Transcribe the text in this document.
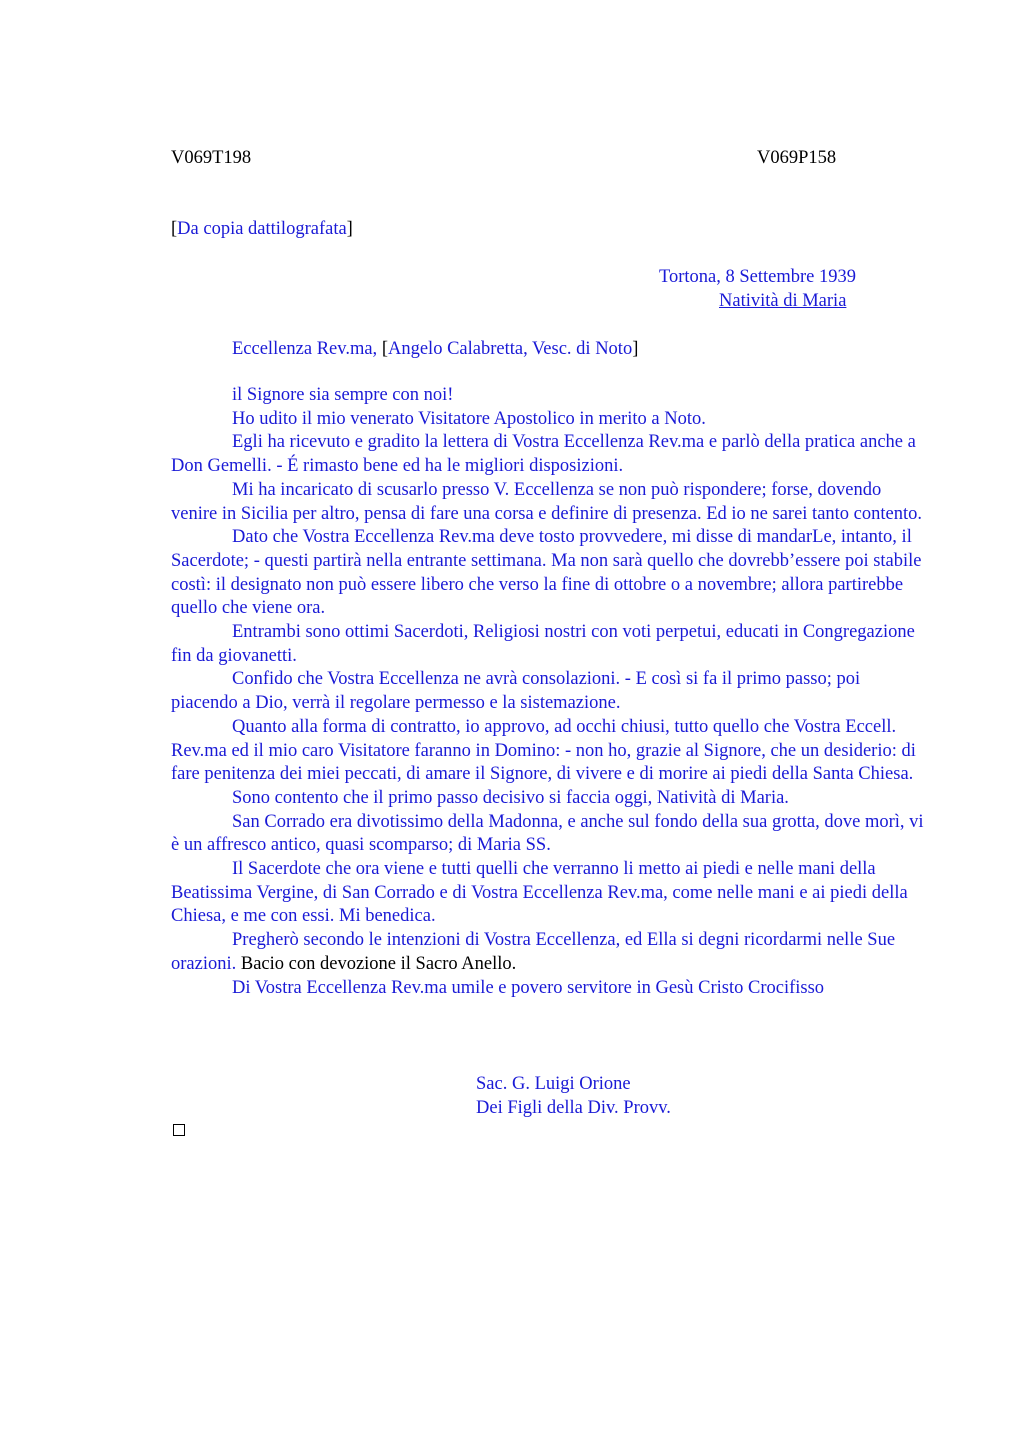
V069T198	V069P158
[Da copia dattilografata]
Tortona, 8 Settembre 1939
Natività di Maria
Eccellenza Rev.ma, [Angelo Calabretta, Vesc. di Noto]

il Signore sia sempre con noi!

Ho udito il mio venerato Visitatore Apostolico in merito a Noto.

Egli ha ricevuto e gradito la lettera di Vostra Eccellenza Rev.ma e parlò della pratica anche a Don Gemelli. - É rimasto bene ed ha le migliori disposizioni.

Mi ha incaricato di scusarlo presso V. Eccellenza se non può rispondere; forse, dovendo venire in Sicilia per altro, pensa di fare una corsa e definire di presenza. Ed io ne sarei tanto contento.

Dato che Vostra Eccellenza Rev.ma deve tosto provvedere, mi disse di mandarLe, intanto, il Sacerdote; - questi partirà nella entrante settimana. Ma non sarà quello che dovrebb’essere poi stabile costì: il designato non può essere libero che verso la fine di ottobre o a novembre; allora partirebbe quello che viene ora.

Entrambi sono ottimi Sacerdoti, Religiosi nostri con voti perpetui, educati in Congregazione fin da giovanetti.

Confido che Vostra Eccellenza ne avrà consolazioni. - E così si fa il primo passo; poi piacendo a Dio, verrà il regolare permesso e la sistemazione.

Quanto alla forma di contratto, io approvo, ad occhi chiusi, tutto quello che Vostra Eccell. Rev.ma ed il mio caro Visitatore faranno in Domino: - non ho, grazie al Signore, che un desiderio: di fare penitenza dei miei peccati, di amare il Signore, di vivere e di morire ai piedi della Santa Chiesa.

Sono contento che il primo passo decisivo si faccia oggi, Natività di Maria.

San Corrado era divotissimo della Madonna, e anche sul fondo della sua grotta, dove morì, vi è un affresco antico, quasi scomparso; di Maria SS.

Il Sacerdote che ora viene e tutti quelli che verranno li metto ai piedi e nelle mani della Beatissima Vergine, di San Corrado e di Vostra Eccellenza Rev.ma, come nelle mani e ai piedi della Chiesa, e me con essi. Mi benedica.

Pregherò secondo le intenzioni di Vostra Eccellenza, ed Ella si degni ricordarmi nelle Sue orazioni. Bacio con devozione il Sacro Anello.

Di Vostra Eccellenza Rev.ma umile e povero servitore in Gesù Cristo Crocifisso

Sac. G. Luigi Orione
Dei Figli della Div. Provv.
